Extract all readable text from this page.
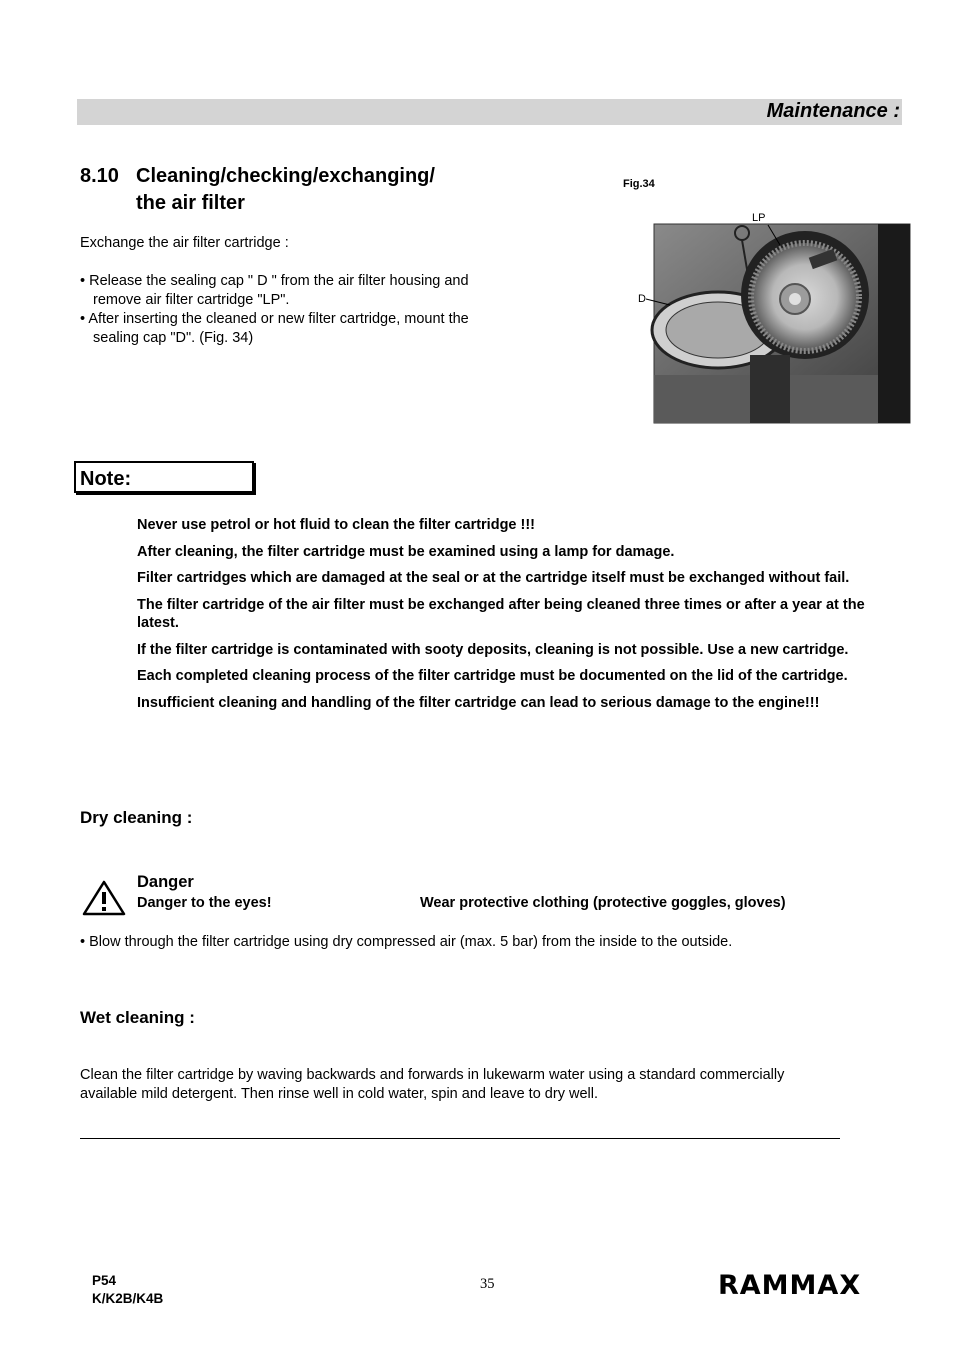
Maintenance :
8.10 Cleaning/checking/exchanging/
the air filter
Exchange the air filter cartridge :
• Release the sealing cap " D " from the air filter housing and
remove air filter cartridge "LP".
• After inserting the cleaned or new filter cartridge, mount the
sealing cap "D". (Fig. 34)
Fig.34
LP
D
Note:

Never use petrol or hot fluid to clean the filter cartridge !!!

After cleaning, the filter cartridge must be examined using a lamp for damage.

Filter cartridges which are damaged at the seal or at the cartridge itself must be exchanged without fail.

The filter cartridge of the air filter must be exchanged after being cleaned three times or after a year at the latest.

If the filter cartridge is contaminated with sooty deposits, cleaning is not possible. Use a new cartridge.

Each completed cleaning process of the filter cartridge must be documented on the lid of the cartridge.

Insufficient cleaning and handling of the filter cartridge can lead to serious damage to the engine!!!

Dry cleaning :
Danger
Danger to the eyes!	Wear protective clothing (protective goggles, gloves)
• Blow through the filter cartridge using dry compressed air (max. 5 bar) from the inside to the outside.
Wet cleaning :
Clean the filter cartridge by waving backwards and forwards in lukewarm water using a standard commercially
available mild detergent. Then rinse well in cold water, spin and leave to dry well.
P54
K/K2B/K4B
35	RAMMAX
